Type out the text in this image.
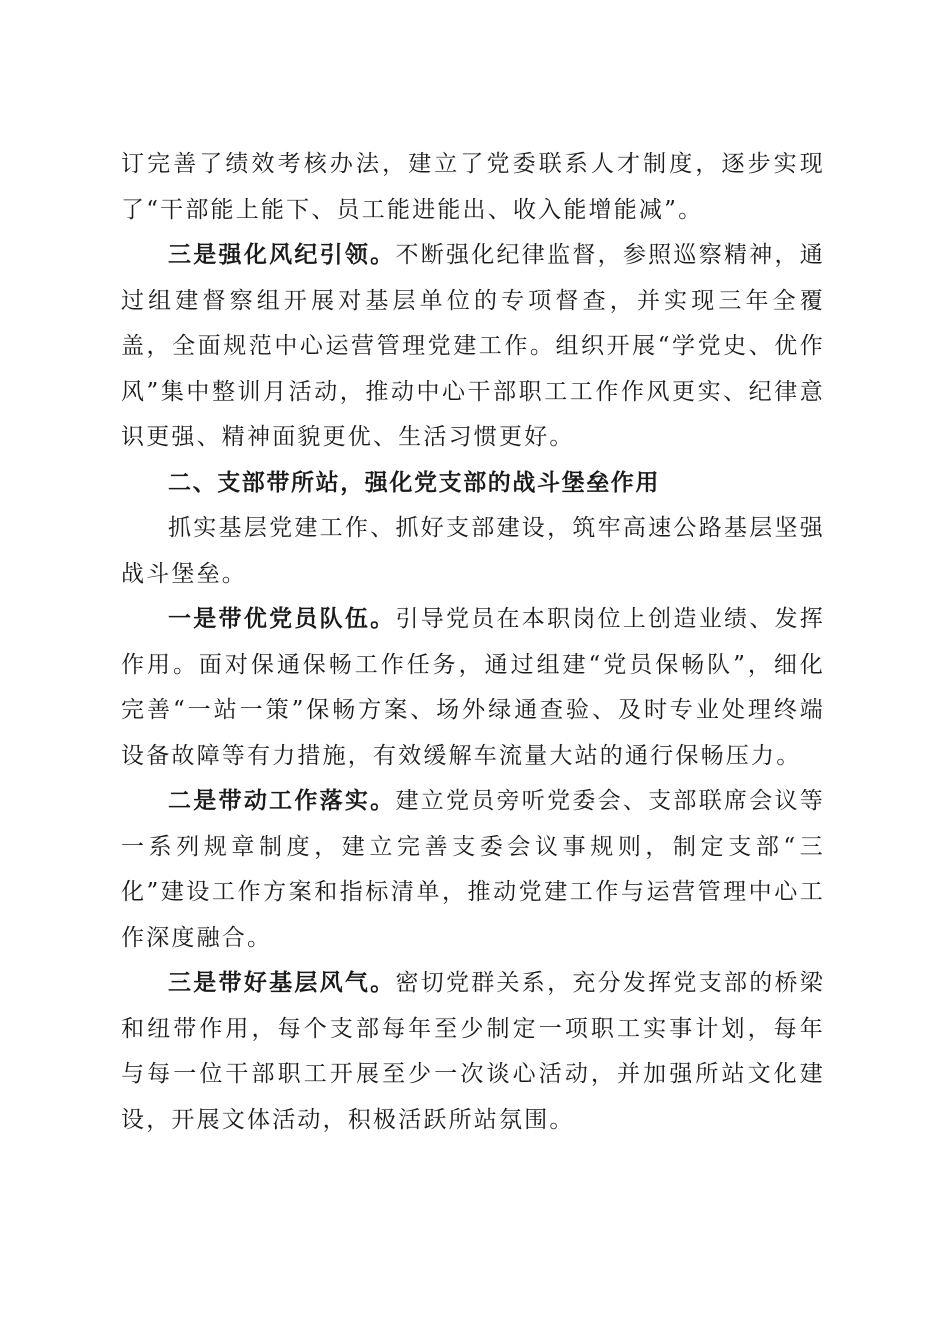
订完善了绩效考核办法，建立了党委联系人才制度，逐步实现了“干部能上能下、员工能进能出、收入能增能减”。

三是强化风纪引领。不断强化纪律监督，参照巡察精神，通过组建督察组开展对基层单位的专项督查，并实现三年全覆盖，全面规范中心运营管理党建工作。组织开展“学党史、优作风”集中整训月活动，推动中心干部职工工作作风更实、纪律意识更强、精神面貌更优、生活习惯更好。

二、支部带所站，强化党支部的战斗堡垒作用

抓实基层党建工作、抓好支部建设，筑牢高速公路基层坚强战斗堡垒。

一是带优党员队伍。引导党员在本职岗位上创造业绩、发挥作用。面对保通保畅工作任务，通过组建“党员保畅队”，细化完善“一站一策”保畅方案、场外绿通查验、及时专业处理终端设备故障等有力措施，有效缓解车流量大站的通行保畅压力。

二是带动工作落实。建立党员旁听党委会、支部联席会议等一系列规章制度，建立完善支委会议事规则，制定支部“三化”建设工作方案和指标清单，推动党建工作与运营管理中心工作深度融合。

三是带好基层风气。密切党群关系，充分发挥党支部的桥梁和纽带作用，每个支部每年至少制定一项职工实事计划，每年与每一位干部职工开展至少一次谈心活动，并加强所站文化建设，开展文体活动，积极活跃所站氛围。
